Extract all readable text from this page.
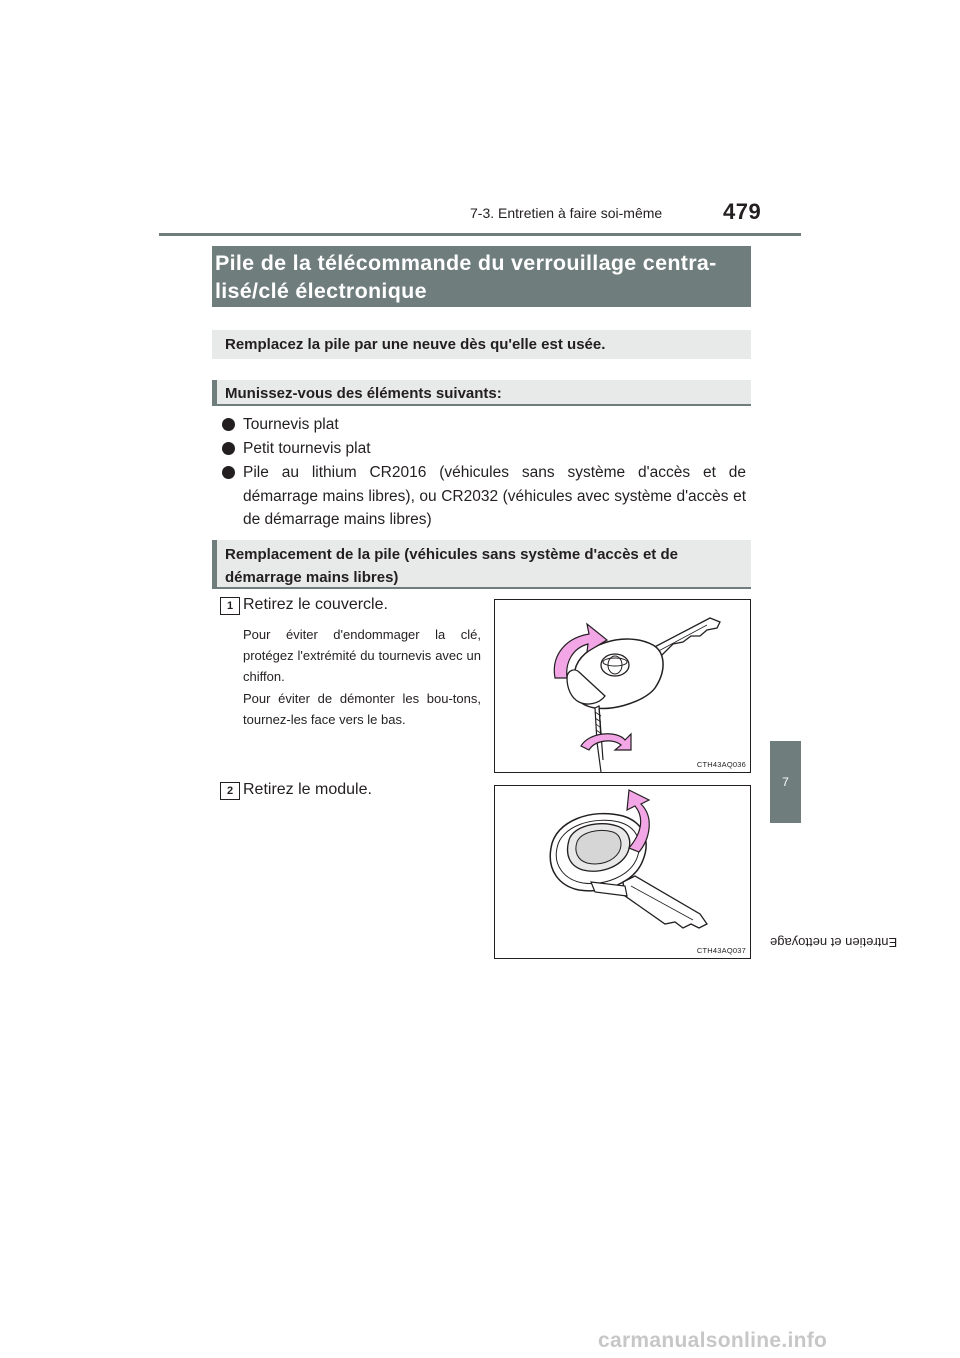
7-3. Entretien à faire soi-même	479
Pile de la télécommande du verrouillage centra-lisé/clé électronique
Remplacez la pile par une neuve dès qu'elle est usée.
Munissez-vous des éléments suivants:
Tournevis plat
Petit tournevis plat
Pile au lithium CR2016 (véhicules sans système d'accès et de démarrage mains libres), ou CR2032 (véhicules avec système d'accès et de démarrage mains libres)
Remplacement de la pile (véhicules sans système d'accès et de démarrage mains libres)
1 Retirez le couvercle.
Pour éviter d'endommager la clé, protégez l'extrémité du tournevis avec un chiffon.
Pour éviter de démonter les bou-tons, tournez-les face vers le bas.
CTH43AQ036
2 Retirez le module.
CTH43AQ037
7
Entretien et nettoyage
carmanualsonline.info
